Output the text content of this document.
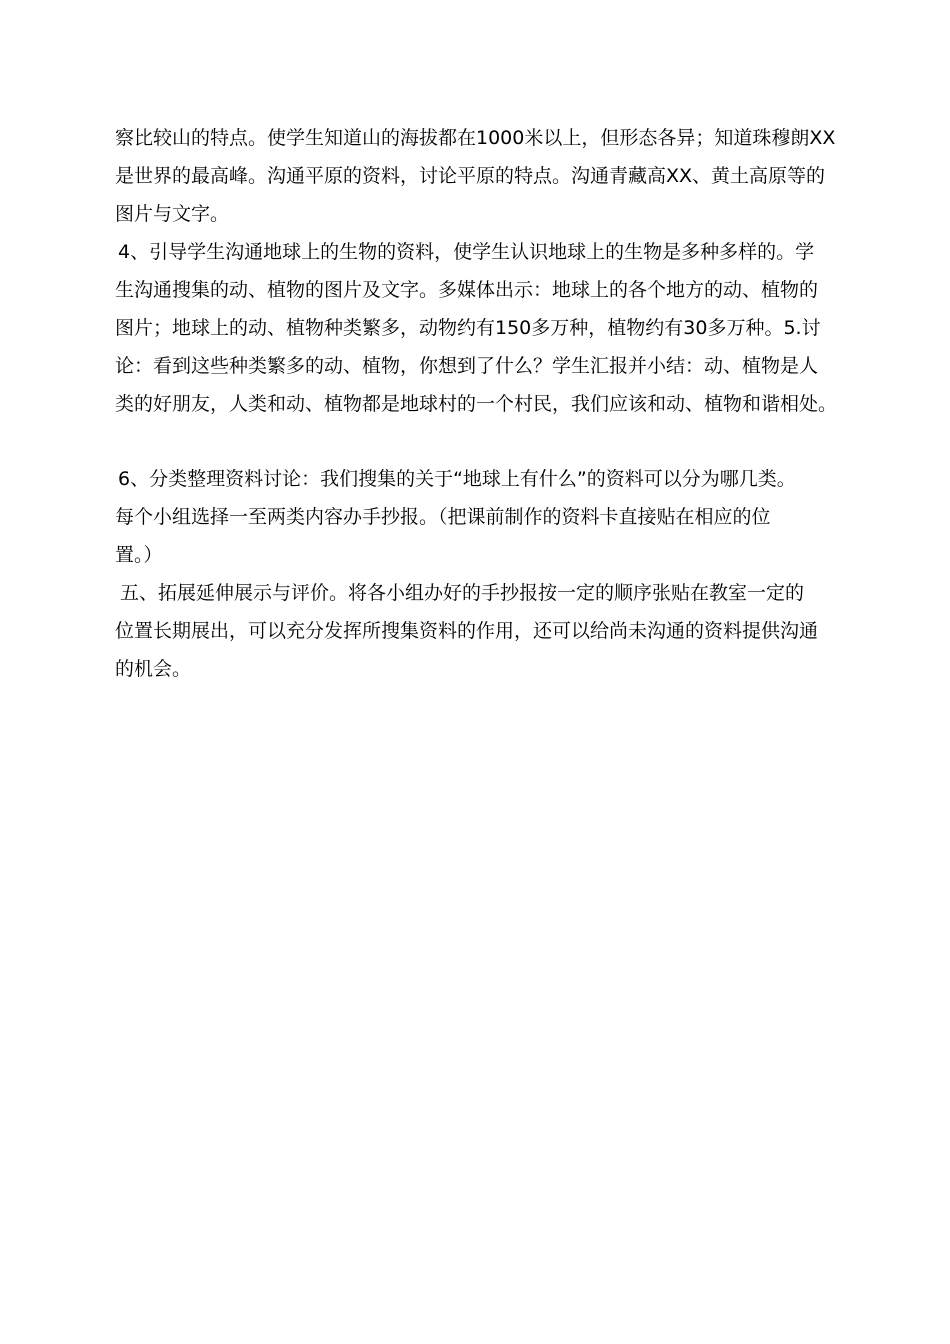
察比较山的特点。使学生知道山的海拔都在1000米以上，但形态各异；知道珠穆朗XX
是世界的最高峰。沟通平原的资料，讨论平原的特点。沟通青藏高XX、黄土高原等的
图片与文字。
4、引导学生沟通地球上的生物的资料，使学生认识地球上的生物是多种多样的。学
生沟通搜集的动、植物的图片及文字。多媒体出示：地球上的各个地方的动、植物的
图片；地球上的动、植物种类繁多，动物约有150多万种，植物约有30多万种。5.讨
论：看到这些种类繁多的动、植物，你想到了什么？学生汇报并小结：动、植物是人
类的好朋友，人类和动、植物都是地球村的一个村民，我们应该和动、植物和谐相处。
6、分类整理资料讨论：我们搜集的关于“地球上有什么”的资料可以分为哪几类。
每个小组选择一至两类内容办手抄报。（把课前制作的资料卡直接贴在相应的位
置。）
五、拓展延伸展示与评价。将各小组办好的手抄报按一定的顺序张贴在教室一定的
位置长期展出，可以充分发挥所搜集资料的作用，还可以给尚未沟通的资料提供沟通
的机会。
